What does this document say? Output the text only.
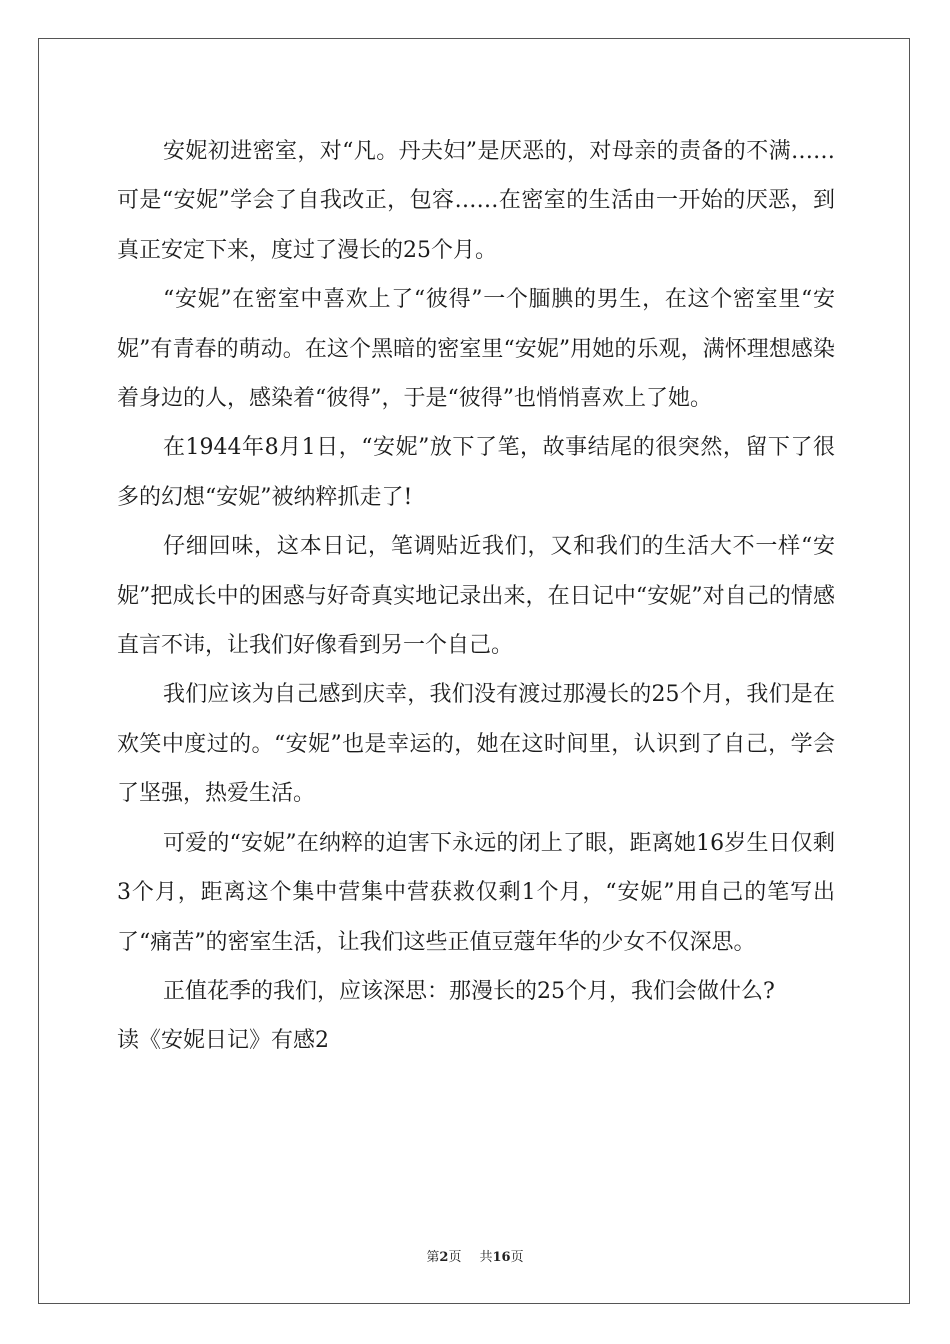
安妮初进密室，对“凡。丹夫妇”是厌恶的，对母亲的责备的不满……可是“安妮”学会了自我改正，包容……在密室的生活由一开始的厌恶，到真正安定下来，度过了漫长的25个月。

“安妮”在密室中喜欢上了“彼得”一个腼腆的男生，在这个密室里“安妮”有青春的萌动。在这个黑暗的密室里“安妮”用她的乐观，满怀理想感染着身边的人，感染着“彼得”，于是“彼得”也悄悄喜欢上了她。

在1944年8月1日，“安妮”放下了笔，故事结尾的很突然，留下了很多的幻想“安妮”被纳粹抓走了!

仔细回味，这本日记，笔调贴近我们，又和我们的生活大不一样“安妮”把成长中的困惑与好奇真实地记录出来，在日记中“安妮”对自己的情感直言不讳，让我们好像看到另一个自己。

我们应该为自己感到庆幸，我们没有渡过那漫长的25个月，我们是在欢笑中度过的。“安妮”也是幸运的，她在这时间里，认识到了自己，学会了坚强，热爱生活。

可爱的“安妮”在纳粹的迫害下永远的闭上了眼，距离她16岁生日仅剩3个月，距离这个集中营集中营获救仅剩1个月，“安妮”用自己的笔写出了“痛苦”的密室生活，让我们这些正值豆蔻年华的少女不仅深思。

正值花季的我们，应该深思：那漫长的25个月，我们会做什么?

读《安妮日记》有感2

第2页 共16页
